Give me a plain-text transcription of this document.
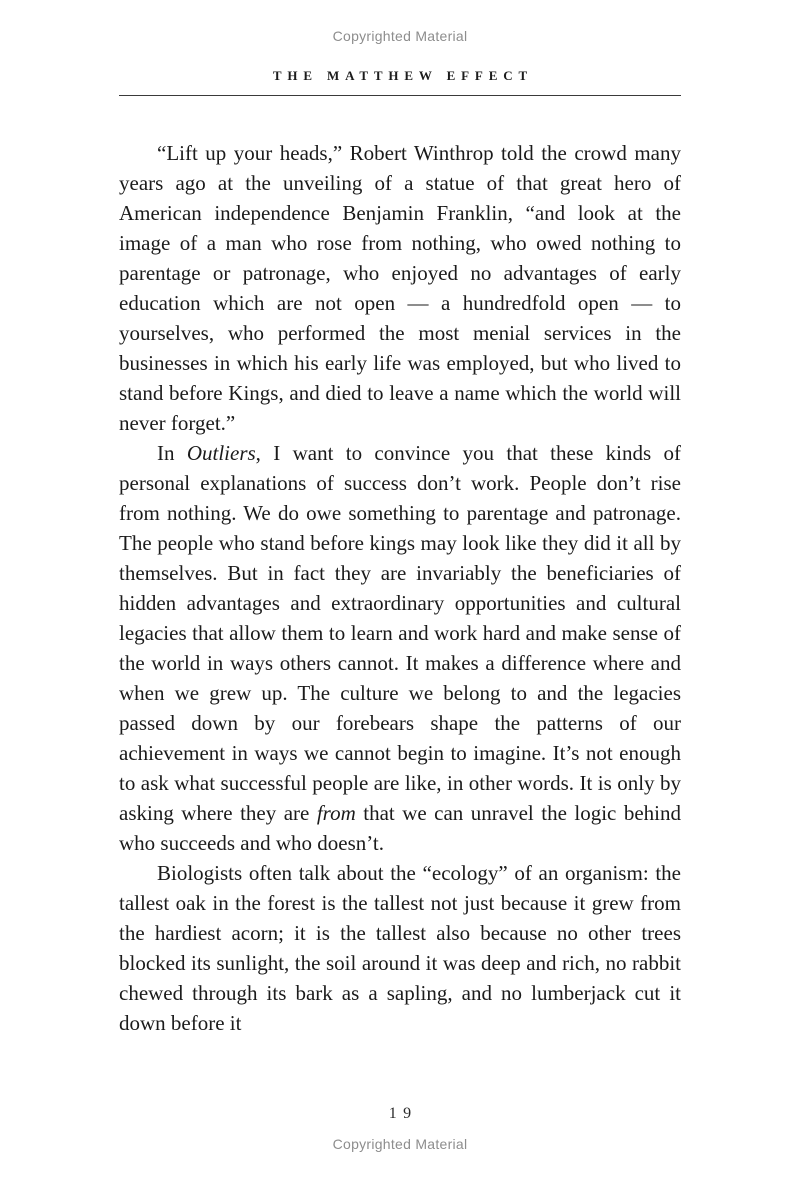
Copyrighted Material
THE MATTHEW EFFECT

“Lift up your heads,” Robert Winthrop told the crowd many years ago at the unveiling of a statue of that great hero of American independence Benjamin Franklin, “and look at the image of a man who rose from nothing, who owed nothing to parentage or patronage, who enjoyed no advantages of early education which are not open — a hundredfold open — to yourselves, who performed the most menial services in the businesses in which his early life was employed, but who lived to stand before Kings, and died to leave a name which the world will never forget.”

In Outliers, I want to convince you that these kinds of personal explanations of success don’t work. People don’t rise from nothing. We do owe something to parentage and patronage. The people who stand before kings may look like they did it all by themselves. But in fact they are invariably the beneficiaries of hidden advantages and extraordinary opportunities and cultural legacies that allow them to learn and work hard and make sense of the world in ways others cannot. It makes a difference where and when we grew up. The culture we belong to and the legacies passed down by our forebears shape the patterns of our achievement in ways we cannot begin to imagine. It’s not enough to ask what successful people are like, in other words. It is only by asking where they are from that we can unravel the logic behind who succeeds and who doesn’t.

Biologists often talk about the “ecology” of an organism: the tallest oak in the forest is the tallest not just because it grew from the hardiest acorn; it is the tallest also because no other trees blocked its sunlight, the soil around it was deep and rich, no rabbit chewed through its bark as a sapling, and no lumberjack cut it down before it

19
Copyrighted Material
